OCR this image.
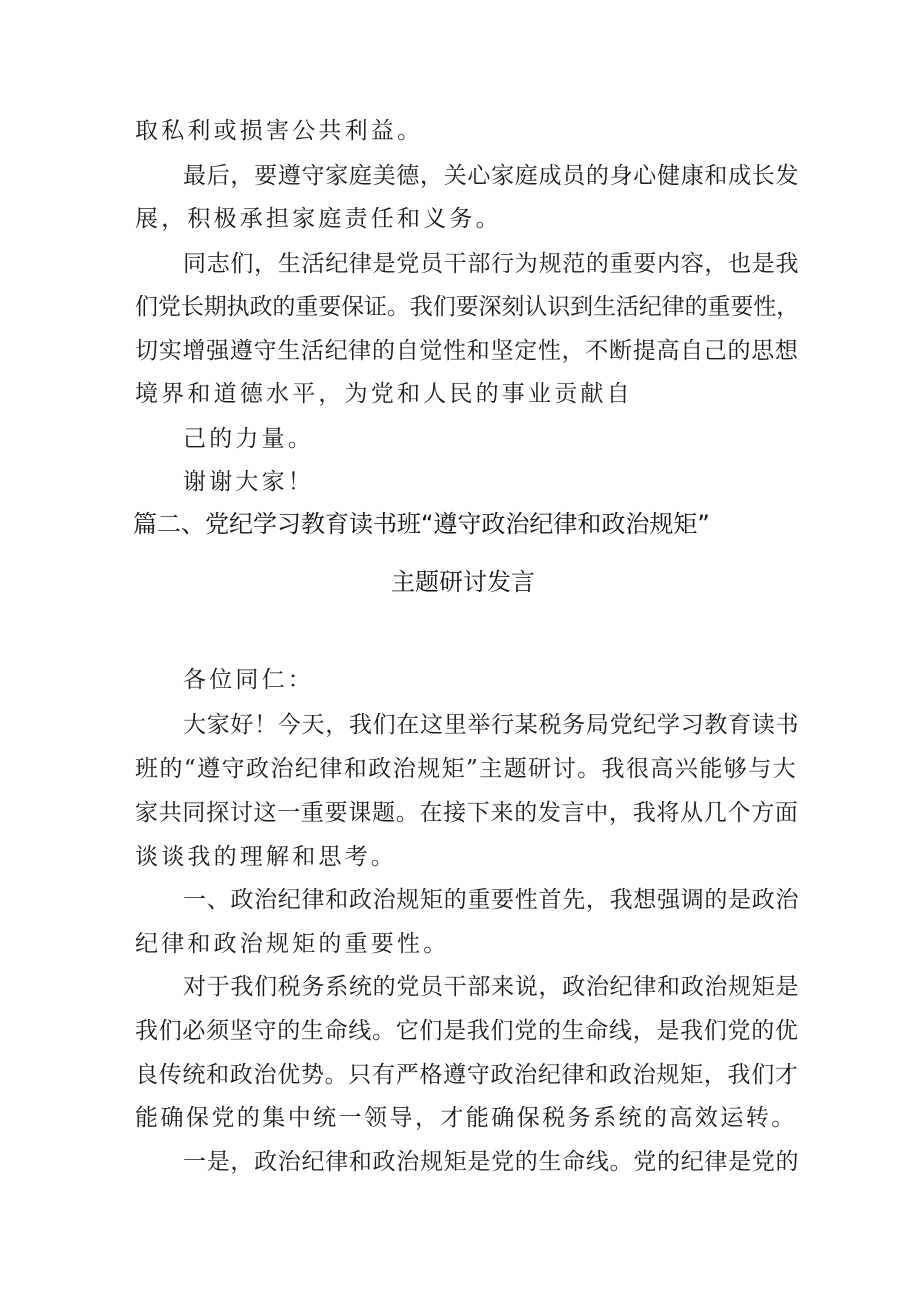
取私利或损害公共利益。
最后，要遵守家庭美德，关心家庭成员的身心健康和成长发
展，积极承担家庭责任和义务。
同志们，生活纪律是党员干部行为规范的重要内容，也是我
们党长期执政的重要保证。我们要深刻认识到生活纪律的重要性，
切实增强遵守生活纪律的自觉性和坚定性，不断提高自己的思想
境界和道德水平，为党和人民的事业贡献自
己的力量。
谢谢大家！
篇二、党纪学习教育读书班“遵守政治纪律和政治规矩”
主题研讨发言
各位同仁：
大家好！今天，我们在这里举行某税务局党纪学习教育读书
班的“遵守政治纪律和政治规矩”主题研讨。我很高兴能够与大
家共同探讨这一重要课题。在接下来的发言中，我将从几个方面
谈谈我的理解和思考。
一、政治纪律和政治规矩的重要性首先，我想强调的是政治
纪律和政治规矩的重要性。
对于我们税务系统的党员干部来说，政治纪律和政治规矩是
我们必须坚守的生命线。它们是我们党的生命线，是我们党的优
良传统和政治优势。只有严格遵守政治纪律和政治规矩，我们才
能确保党的集中统一领导，才能确保税务系统的高效运转。
一是，政治纪律和政治规矩是党的生命线。党的纪律是党的
